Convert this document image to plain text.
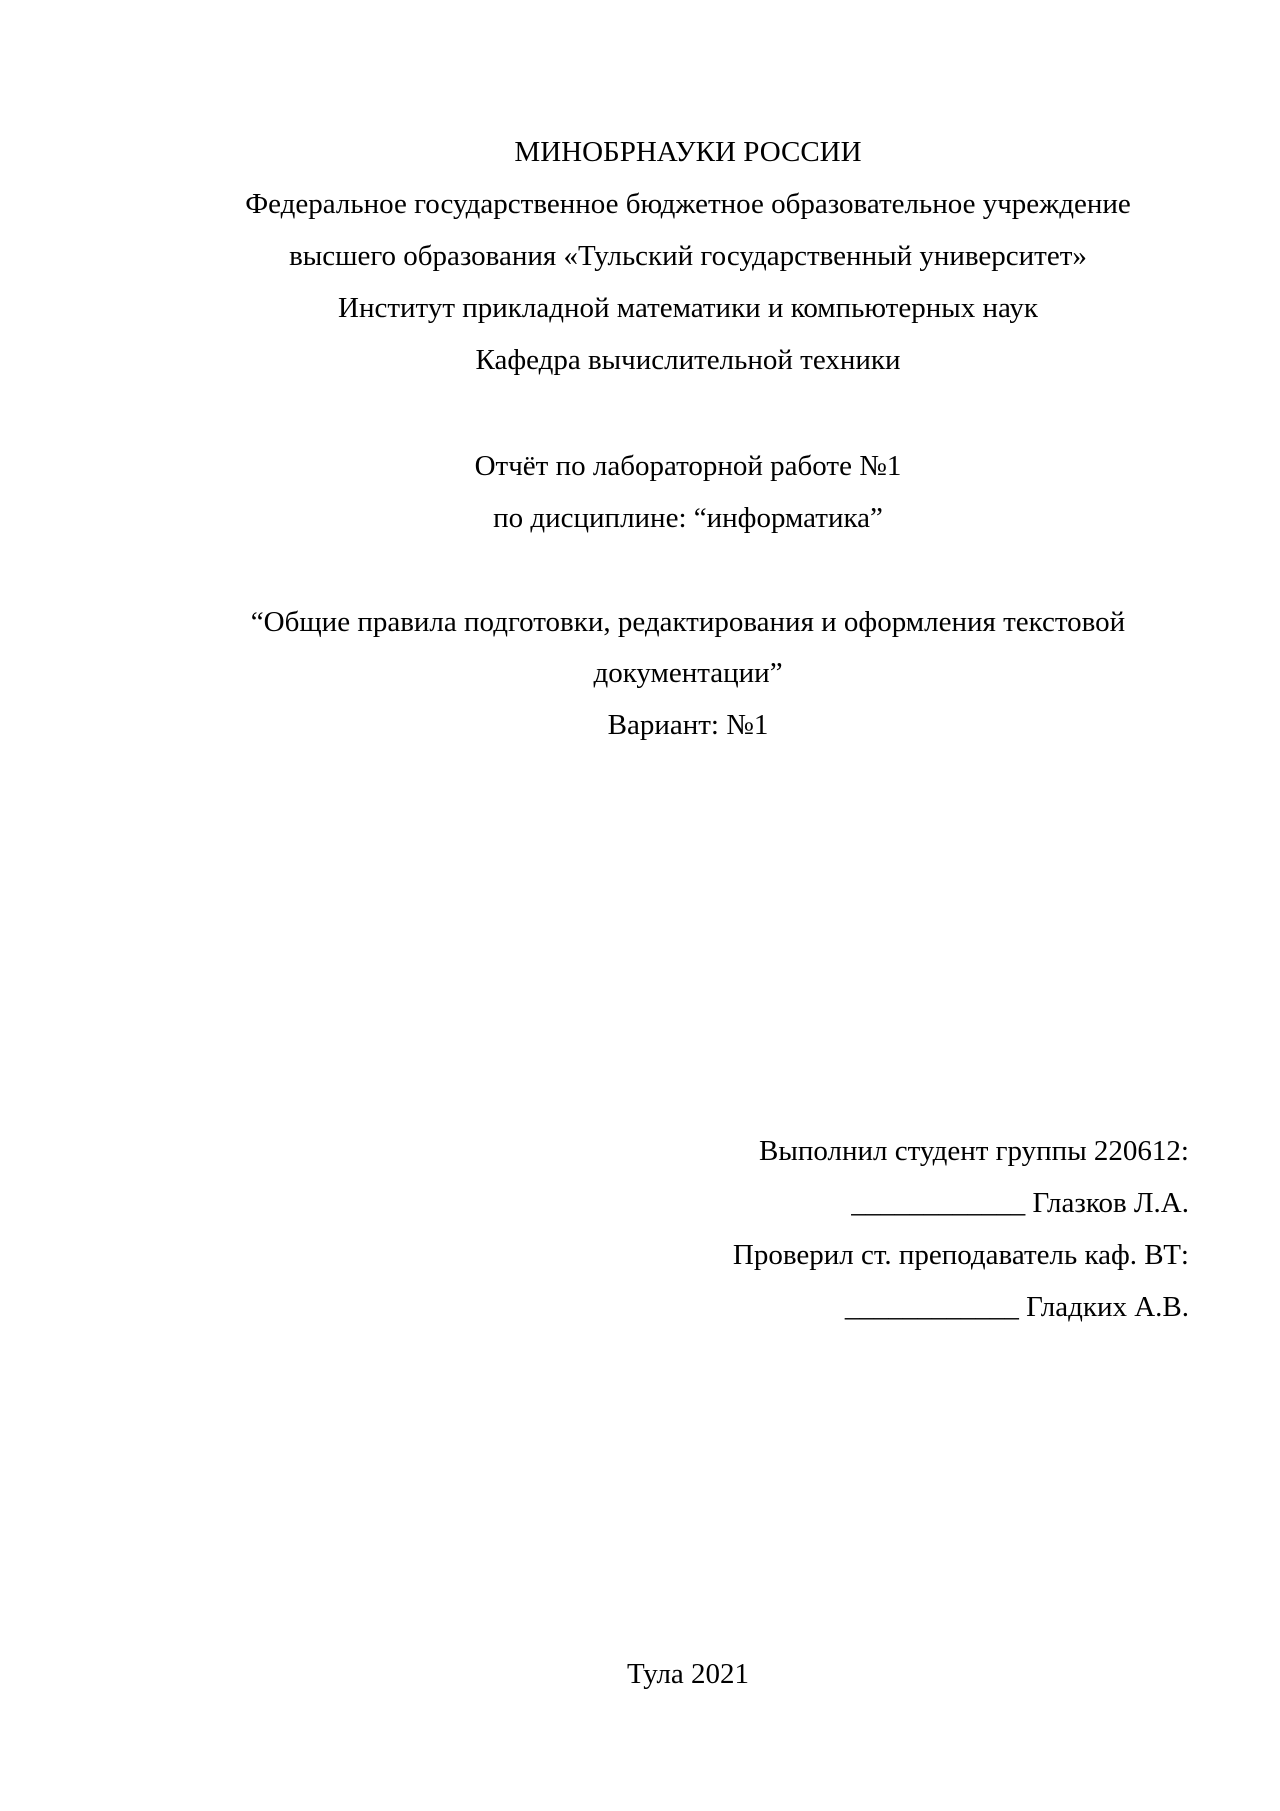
МИНОБРНАУКИ РОССИИ
Федеральное государственное бюджетное образовательное учреждение
высшего образования «Тульский государственный университет»
Институт прикладной математики и компьютерных наук
Кафедра вычислительной техники
Отчёт по лабораторной работе №1
по дисциплине: “информатика”
“Общие правила подготовки, редактирования и оформления текстовой
документации”
Вариант: №1
Выполнил студент группы 220612:
____________ Глазков Л.А.
Проверил ст. преподаватель каф. ВТ:
____________ Гладких А.В.
Тула 2021
